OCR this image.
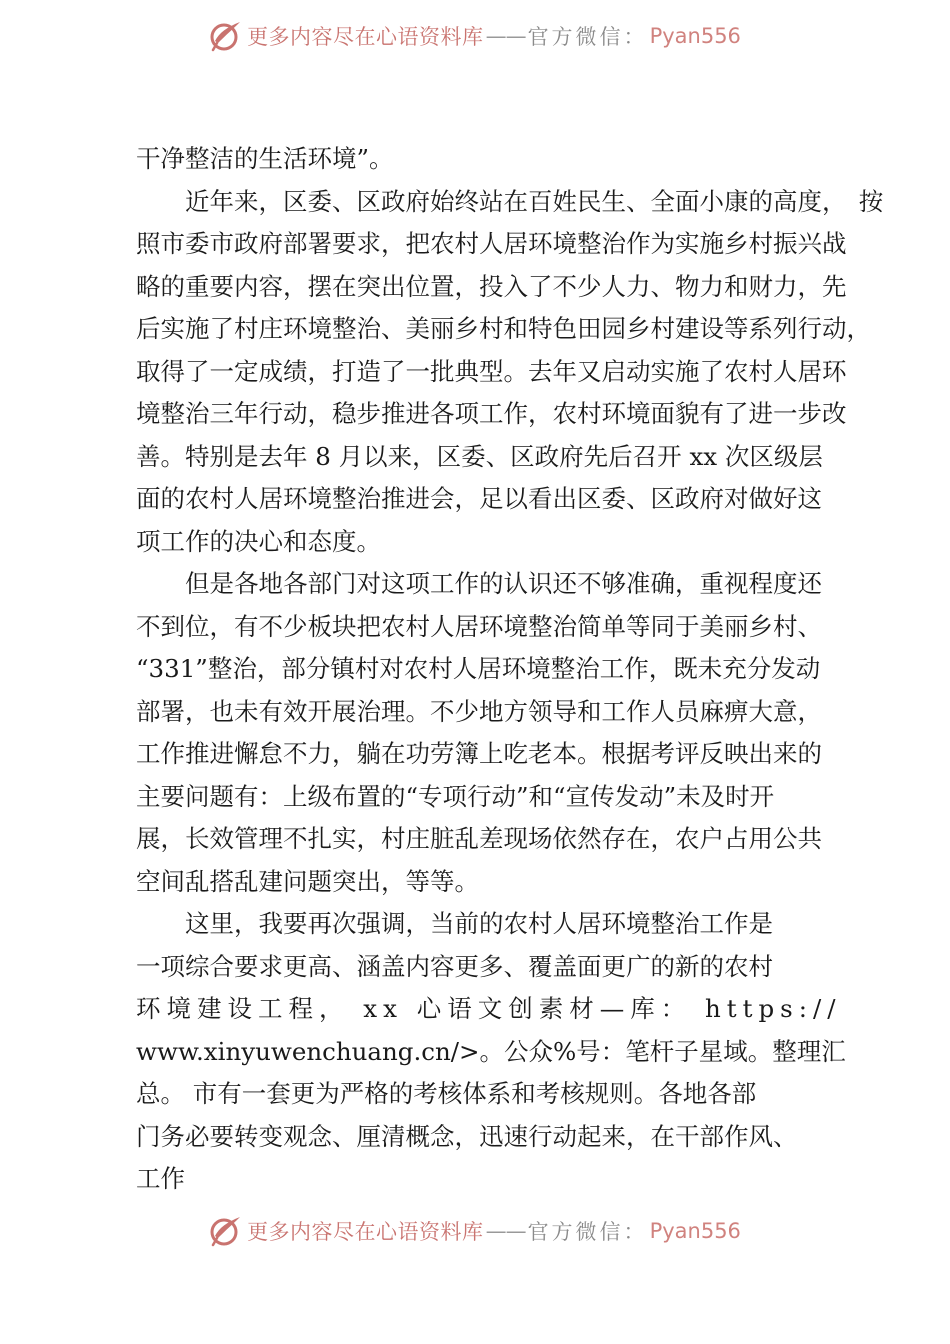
更多内容尽在心语资料库 —— 官方微信： Pyan556
干净整洁的生活环境”。
近年来，区委、区政府始终站在百姓民生、全面小康的高度，　按
照市委市政府部署要求，把农村人居环境整治作为实施乡村振兴战
略的重要内容，摆在突出位置，投入了不少人力、物力和财力，先
后实施了村庄环境整治、美丽乡村和特色田园乡村建设等系列行动，
取得了一定成绩，打造了一批典型。去年又启动实施了农村人居环
境整治三年行动，稳步推进各项工作，农村环境面貌有了进一步改
善。特别是去年 8 月以来，区委、区政府先后召开 xx 次区级层
面的农村人居环境整治推进会，足以看出区委、区政府对做好这
项工作的决心和态度。
但是各地各部门对这项工作的认识还不够准确，重视程度还
不到位，有不少板块把农村人居环境整治简单等同于美丽乡村、
“331”整治，部分镇村对农村人居环境整治工作，既未充分发动
部署，也未有效开展治理。不少地方领导和工作人员麻痹大意，
工作推进懈怠不力，躺在功劳簿上吃老本。根据考评反映出来的
主要问题有：上级布置的“专项行动”和“宣传发动”未及时开
展，长效管理不扎实，村庄脏乱差现场依然存在，农户占用公共
空间乱搭乱建问题突出，等等。
这里，我要再次强调，当前的农村人居环境整治工作是
一项综合要求更高、涵盖内容更多、覆盖面更广的新的农村
环境建设工程， xx 心语文创素材—库： https://
www.xinyuwenchuang.cn/>。公众%号：笔杆子星域。整理汇
总。 市有一套更为严格的考核体系和考核规则。各地各部
门务必要转变观念、厘清概念，迅速行动起来，在干部作风、
工作
更多内容尽在心语资料库 —— 官方微信： Pyan556
